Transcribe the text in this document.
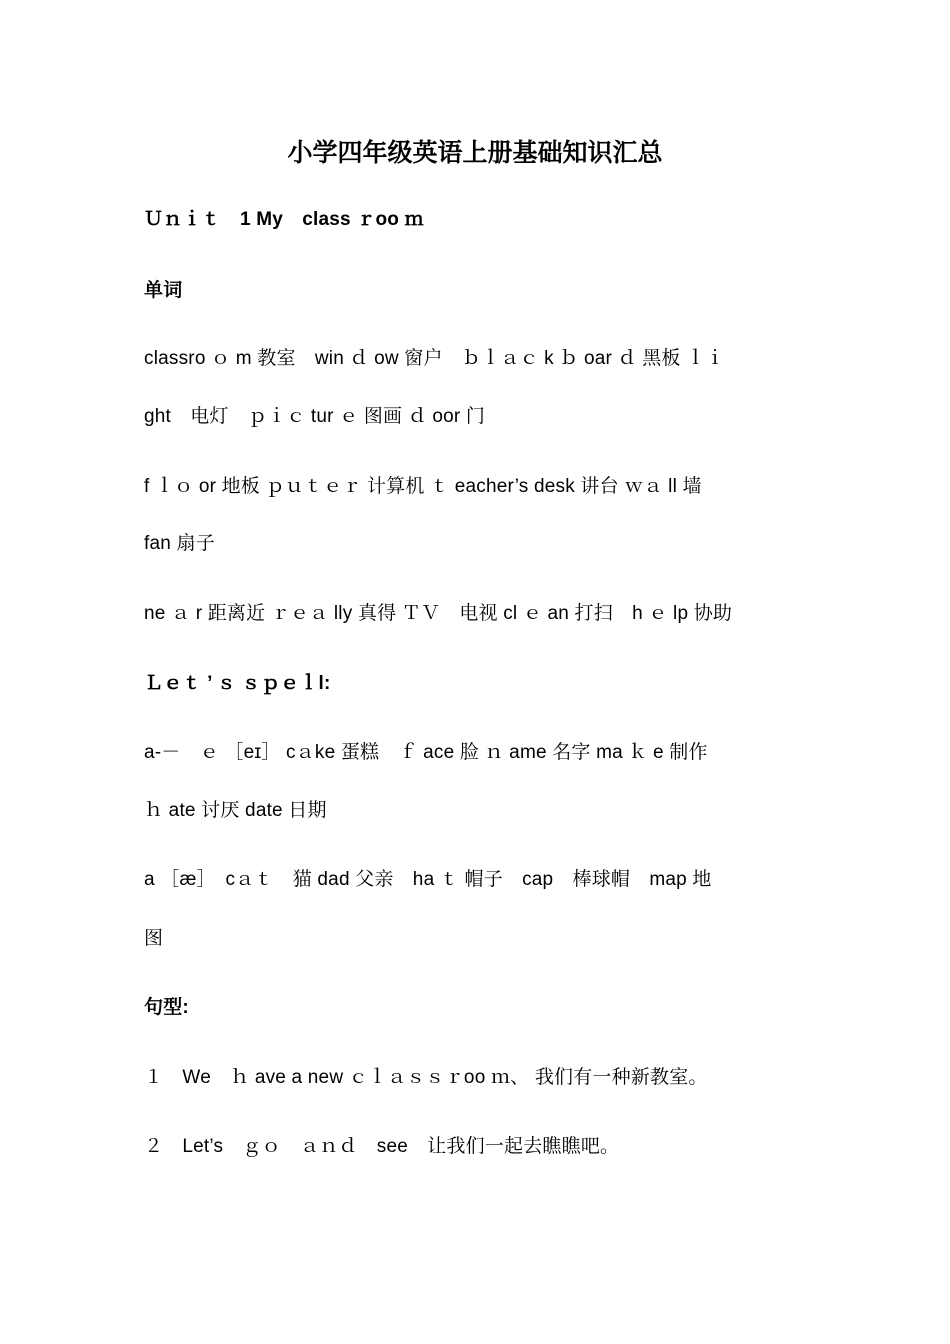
小学四年级英语上册基础知识汇总
Ｕｎｉｔ　1 My　class ｒoo ｍ
单词
classro ｏ m 教室　win ｄ ow 窗户　ｂｌａｃ k ｂ oar ｄ 黑板 ｌｉ
ght　电灯　ｐｉｃ tur ｅ 图画 ｄ oor 门
f ｌｏ or 地板 ｐｕｔｅｒ 计算机 ｔ eacher’s desk 讲台 ｗａ ll 墙
fan 扇子
ne ａ r 距离近 ｒｅａ lly 真得 ＴＶ　电视 cl ｅ an 打扫　h ｅ lp 协助
Ｌｅｔ ’ ｓ ｓｐｅｌl:
a-－　ｅ ［eɪ］ cａke 蛋糕　ｆ ace 脸 ｎ ame 名字 ma ｋ e 制作
ｈ ate 讨厌 date 日期
a ［æ］　cａｔ　猫 dad 父亲　ha ｔ 帽子　cap　棒球帽　map 地
图
句型:
１　We　ｈ ave a new ｃｌａｓｓｒoo ｍ、 我们有一种新教室。
２　Let’s　ｇｏ　ａｎｄ　see　让我们一起去瞧瞧吧。
